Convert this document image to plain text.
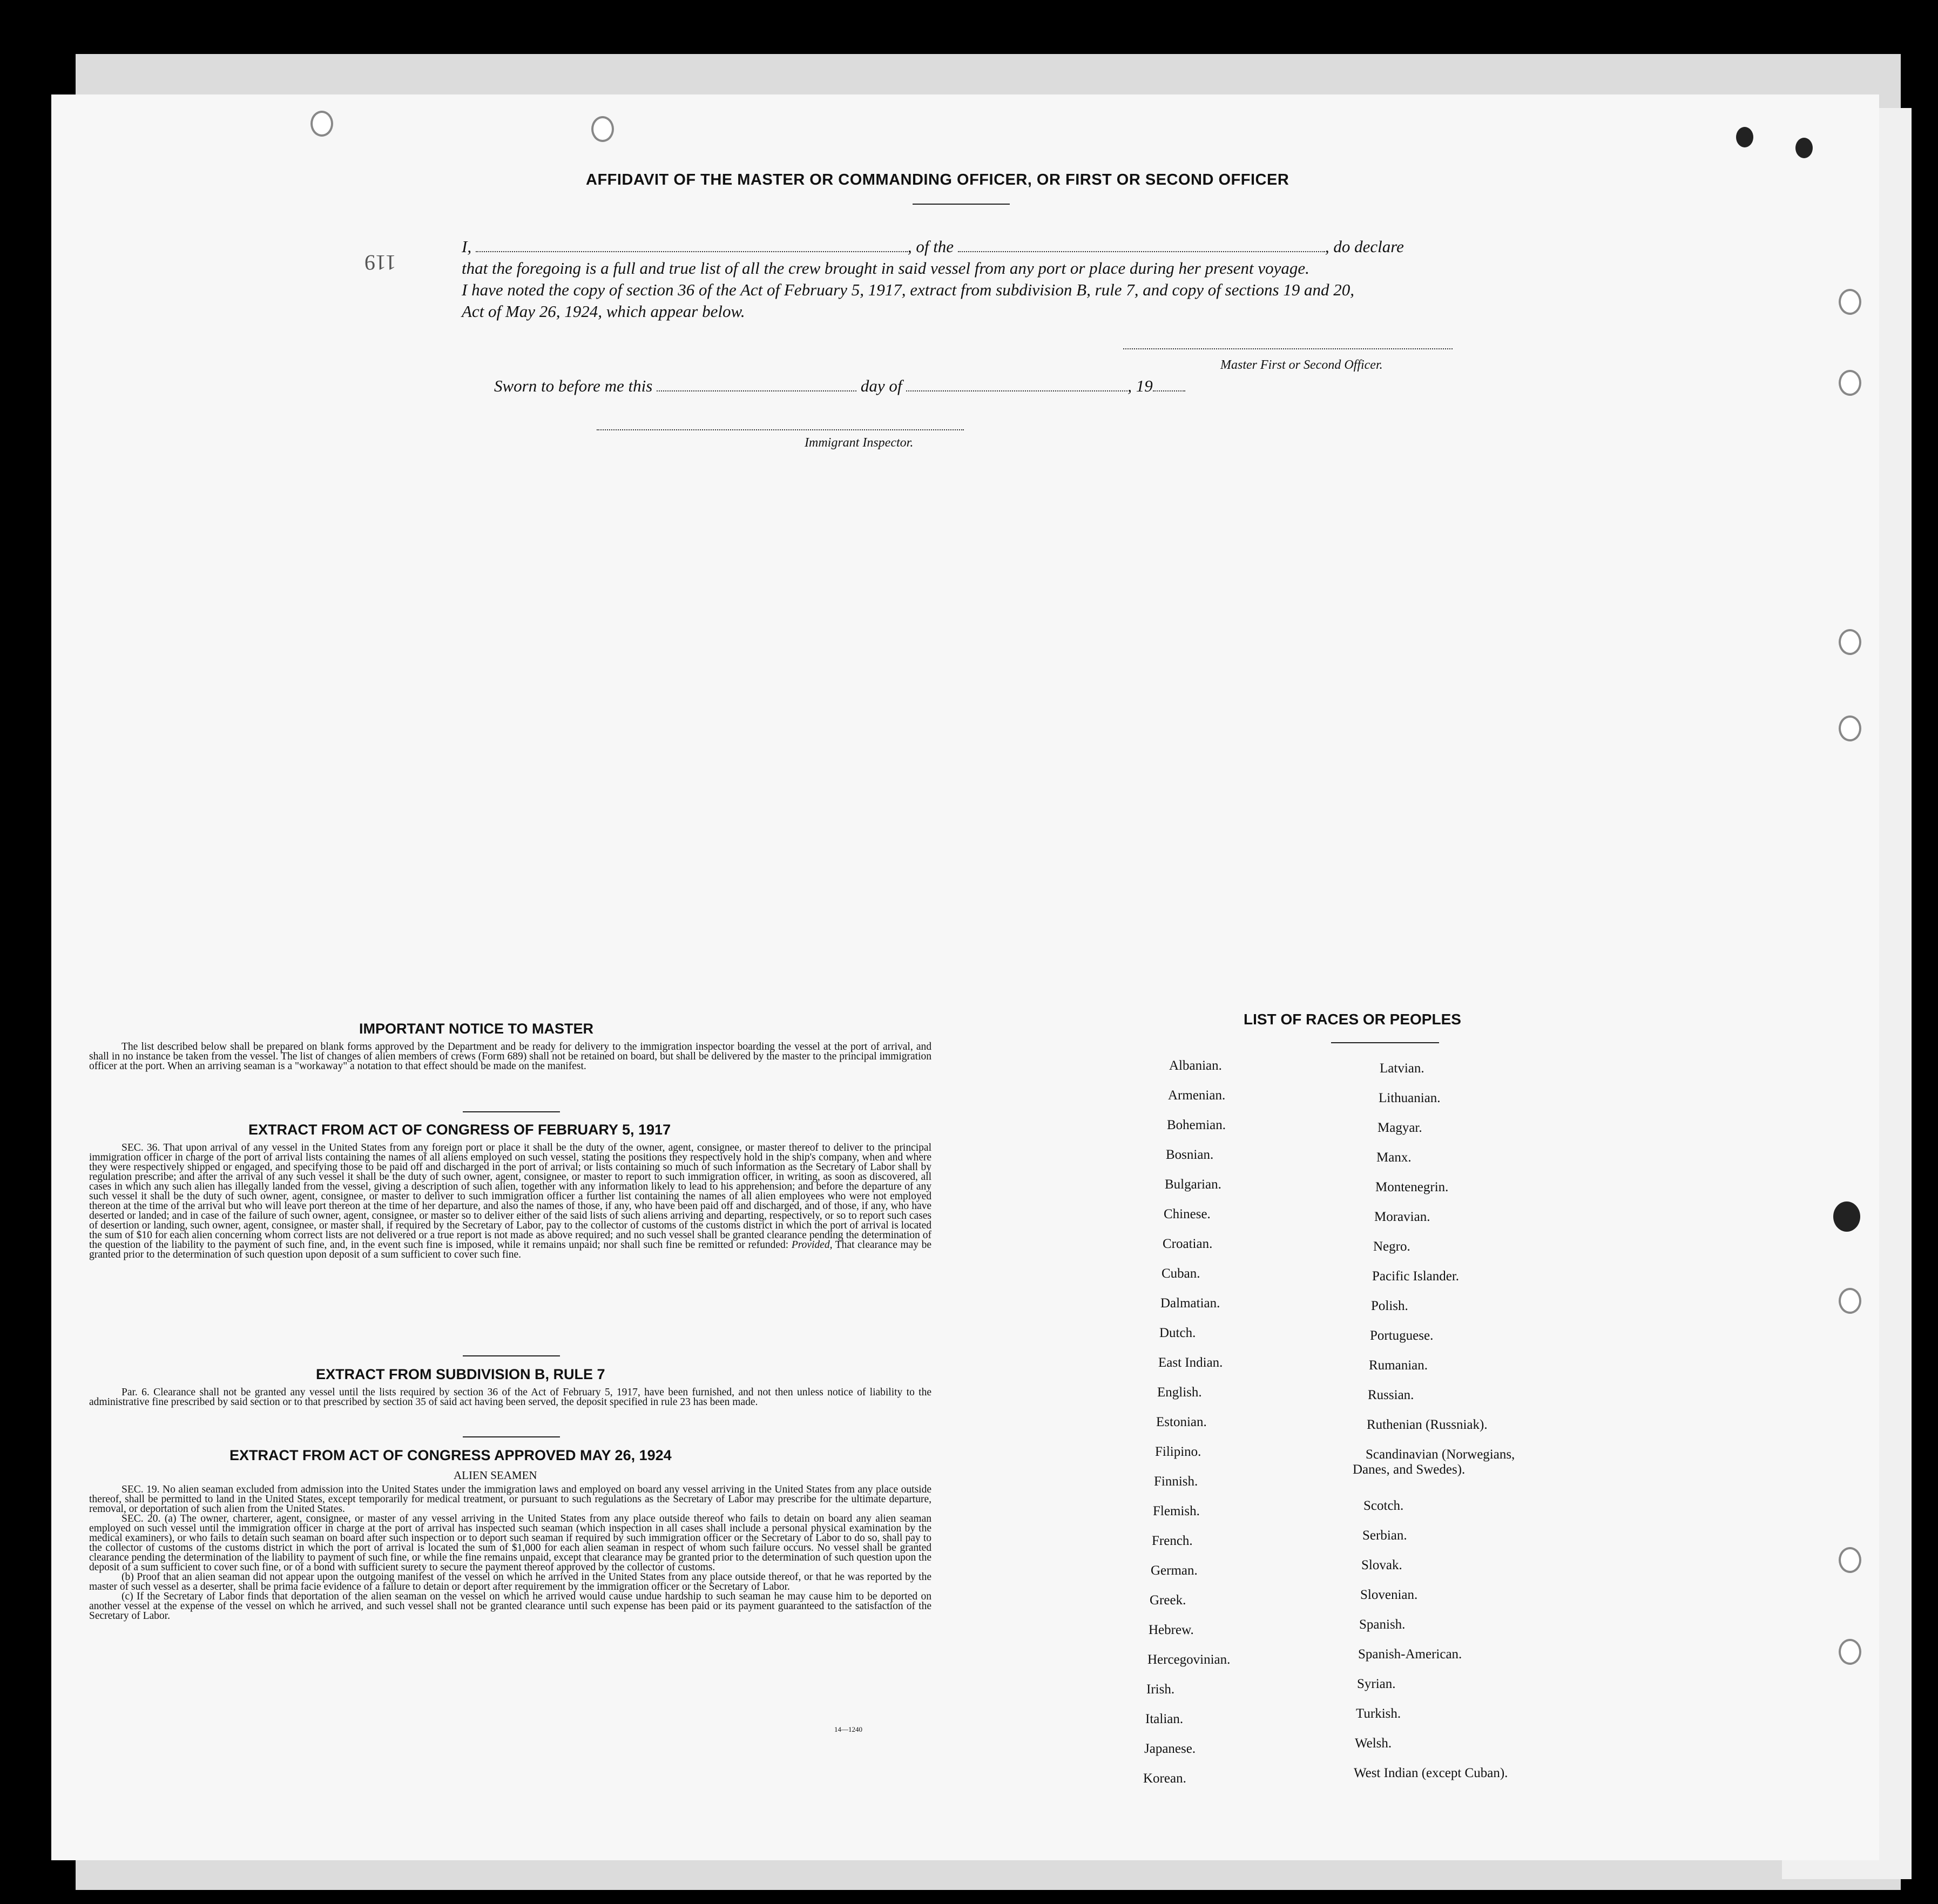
AFFIDAVIT OF THE MASTER OR COMMANDING OFFICER, OR FIRST OR SECOND OFFICER
119
I,	, of the	, do declare
that the foregoing is a full and true list of all the crew brought in said vessel from any port or place during her present voyage.
I have noted the copy of section 36 of the Act of February 5, 1917, extract from subdivision B, rule 7, and copy of sections 19 and 20,
Act of May 26, 1924, which appear below.
Master First or Second Officer.
Sworn to before me this	day of	, 19
Immigrant Inspector.
IMPORTANT NOTICE TO MASTER
The list described below shall be prepared on blank forms approved by the Department and be ready for delivery to the immigration inspector boarding the vessel at the port of arrival, and shall in no instance be taken from the vessel. The list of changes of alien members of crews (Form 689) shall not be retained on board, but shall be delivered by the master to the principal immigration officer at the port. When an arriving seaman is a "workaway" a notation to that effect should be made on the manifest.
EXTRACT FROM ACT OF CONGRESS OF FEBRUARY 5, 1917
SEC. 36. That upon arrival of any vessel in the United States from any foreign port or place it shall be the duty of the owner, agent, consignee, or master thereof to deliver to the principal immigration officer in charge of the port of arrival lists containing the names of all aliens employed on such vessel, stating the positions they respectively hold in the ship's company, when and where they were respectively shipped or engaged, and specifying those to be paid off and discharged in the port of arrival; or lists containing so much of such information as the Secretary of Labor shall by regulation prescribe; and after the arrival of any such vessel it shall be the duty of such owner, agent, consignee, or master to report to such immigration officer, in writing, as soon as discovered, all cases in which any such alien has illegally landed from the vessel, giving a description of such alien, together with any information likely to lead to his apprehension; and before the departure of any such vessel it shall be the duty of such owner, agent, consignee, or master to deliver to such immigration officer a further list containing the names of all alien employees who were not employed thereon at the time of the arrival but who will leave port thereon at the time of her departure, and also the names of those, if any, who have been paid off and discharged, and of those, if any, who have deserted or landed; and in case of the failure of such owner, agent, consignee, or master so to deliver either of the said lists of such aliens arriving and departing, respectively, or so to report such cases of desertion or landing, such owner, agent, consignee, or master shall, if required by the Secretary of Labor, pay to the collector of customs of the customs district in which the port of arrival is located the sum of $10 for each alien concerning whom correct lists are not delivered or a true report is not made as above required; and no such vessel shall be granted clearance pending the determination of the question of the liability to the payment of such fine, and, in the event such fine is imposed, while it remains unpaid; nor shall such fine be remitted or refunded: Provided, That clearance may be granted prior to the determination of such question upon deposit of a sum sufficient to cover such fine.
EXTRACT FROM SUBDIVISION B, RULE 7
Par. 6. Clearance shall not be granted any vessel until the lists required by section 36 of the Act of February 5, 1917, have been furnished, and not then unless notice of liability to the administrative fine prescribed by said section or to that prescribed by section 35 of said act having been served, the deposit specified in rule 23 has been made.
EXTRACT FROM ACT OF CONGRESS APPROVED MAY 26, 1924
ALIEN SEAMEN
SEC. 19. No alien seaman excluded from admission into the United States under the immigration laws and employed on board any vessel arriving in the United States from any place outside thereof, shall be permitted to land in the United States, except temporarily for medical treatment, or pursuant to such regulations as the Secretary of Labor may prescribe for the ultimate departure, removal, or deportation of such alien from the United States.
SEC. 20. (a) The owner, charterer, agent, consignee, or master of any vessel arriving in the United States from any place outside thereof who fails to detain on board any alien seaman employed on such vessel until the immigration officer in charge at the port of arrival has inspected such seaman (which inspection in all cases shall include a personal physical examination by the medical examiners), or who fails to detain such seaman on board after such inspection or to deport such seaman if required by such immigration officer or the Secretary of Labor to do so, shall pay to the collector of customs of the customs district in which the port of arrival is located the sum of $1,000 for each alien seaman in respect of whom such failure occurs. No vessel shall be granted clearance pending the determination of the liability to payment of such fine, or while the fine remains unpaid, except that clearance may be granted prior to the determination of such question upon the deposit of a sum sufficient to cover such fine, or of a bond with sufficient surety to secure the payment thereof approved by the collector of customs.
(b) Proof that an alien seaman did not appear upon the outgoing manifest of the vessel on which he arrived in the United States from any place outside thereof, or that he was reported by the master of such vessel as a deserter, shall be prima facie evidence of a failure to detain or deport after requirement by the immigration officer or the Secretary of Labor.
(c) If the Secretary of Labor finds that deportation of the alien seaman on the vessel on which he arrived would cause undue hardship to such seaman he may cause him to be deported on another vessel at the expense of the vessel on which he arrived, and such vessel shall not be granted clearance until such expense has been paid or its payment guaranteed to the satisfaction of the Secretary of Labor.
14—1240
LIST OF RACES OR PEOPLES
Albanian.
Armenian.
Bohemian.
Bosnian.
Bulgarian.
Chinese.
Croatian.
Cuban.
Dalmatian.
Dutch.
East Indian.
English.
Estonian.
Filipino.
Finnish.
Flemish.
French.
German.
Greek.
Hebrew.
Hercegovinian.
Irish.
Italian.
Japanese.
Korean.
Latvian.
Lithuanian.
Magyar.
Manx.
Montenegrin.
Moravian.
Negro.
Pacific Islander.
Polish.
Portuguese.
Rumanian.
Russian.
Ruthenian (Russniak).
Scandinavian (Norwegians,
Danes, and Swedes).
Scotch.
Serbian.
Slovak.
Slovenian.
Spanish.
Spanish-American.
Syrian.
Turkish.
Welsh.
West Indian (except Cuban).
